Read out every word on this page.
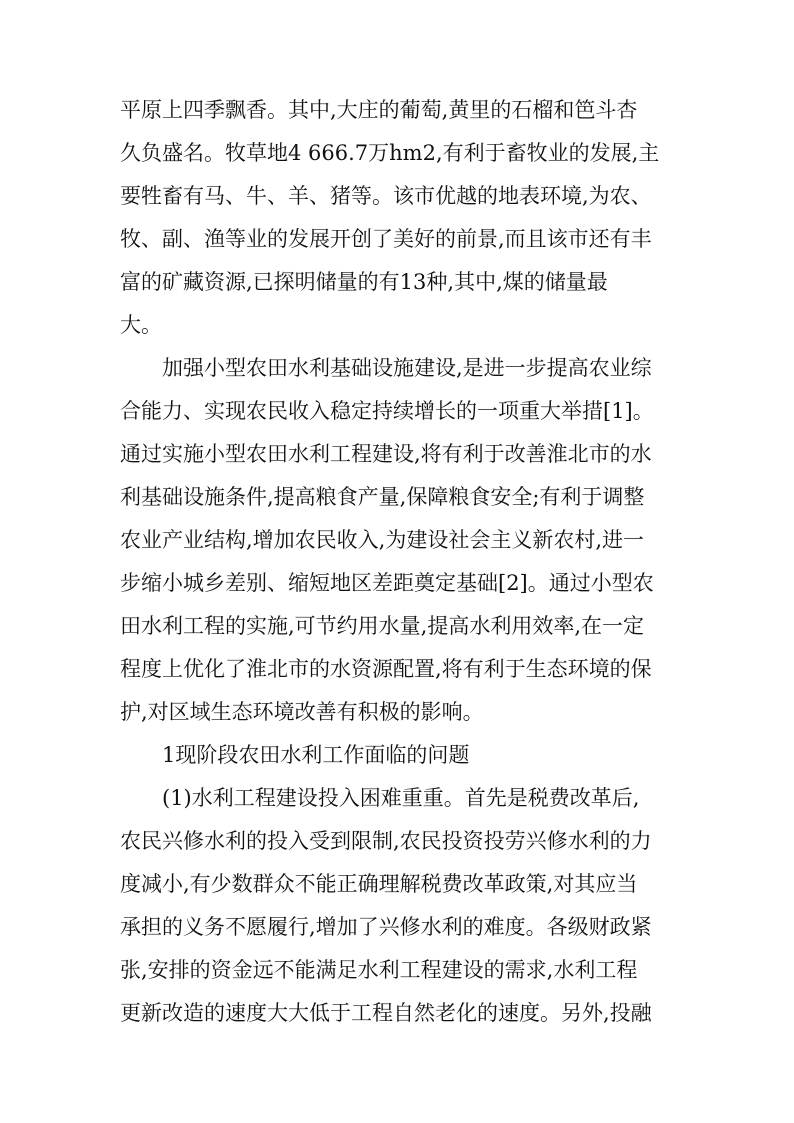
平原上四季飘香。其中,大庄的葡萄,黄里的石榴和笆斗杏
久负盛名。牧草地4 666.7万hm2,有利于畜牧业的发展,主
要牲畜有马、牛、羊、猪等。该市优越的地表环境,为农、
牧、副、渔等业的发展开创了美好的前景,而且该市还有丰
富的矿藏资源,已探明储量的有13种,其中,煤的储量最
大。
　　加强小型农田水利基础设施建设,是进一步提高农业综
合能力、实现农民收入稳定持续增长的一项重大举措[1]。
通过实施小型农田水利工程建设,将有利于改善淮北市的水
利基础设施条件,提高粮食产量,保障粮食安全;有利于调整
农业产业结构,增加农民收入,为建设社会主义新农村,进一
步缩小城乡差别、缩短地区差距奠定基础[2]。通过小型农
田水利工程的实施,可节约用水量,提高水利用效率,在一定
程度上优化了淮北市的水资源配置,将有利于生态环境的保
护,对区域生态环境改善有积极的影响。
　　1现阶段农田水利工作面临的问题
　　(1)水利工程建设投入困难重重。首先是税费改革后,
农民兴修水利的投入受到限制,农民投资投劳兴修水利的力
度减小,有少数群众不能正确理解税费改革政策,对其应当
承担的义务不愿履行,增加了兴修水利的难度。各级财政紧
张,安排的资金远不能满足水利工程建设的需求,水利工程
更新改造的速度大大低于工程自然老化的速度。另外,投融
